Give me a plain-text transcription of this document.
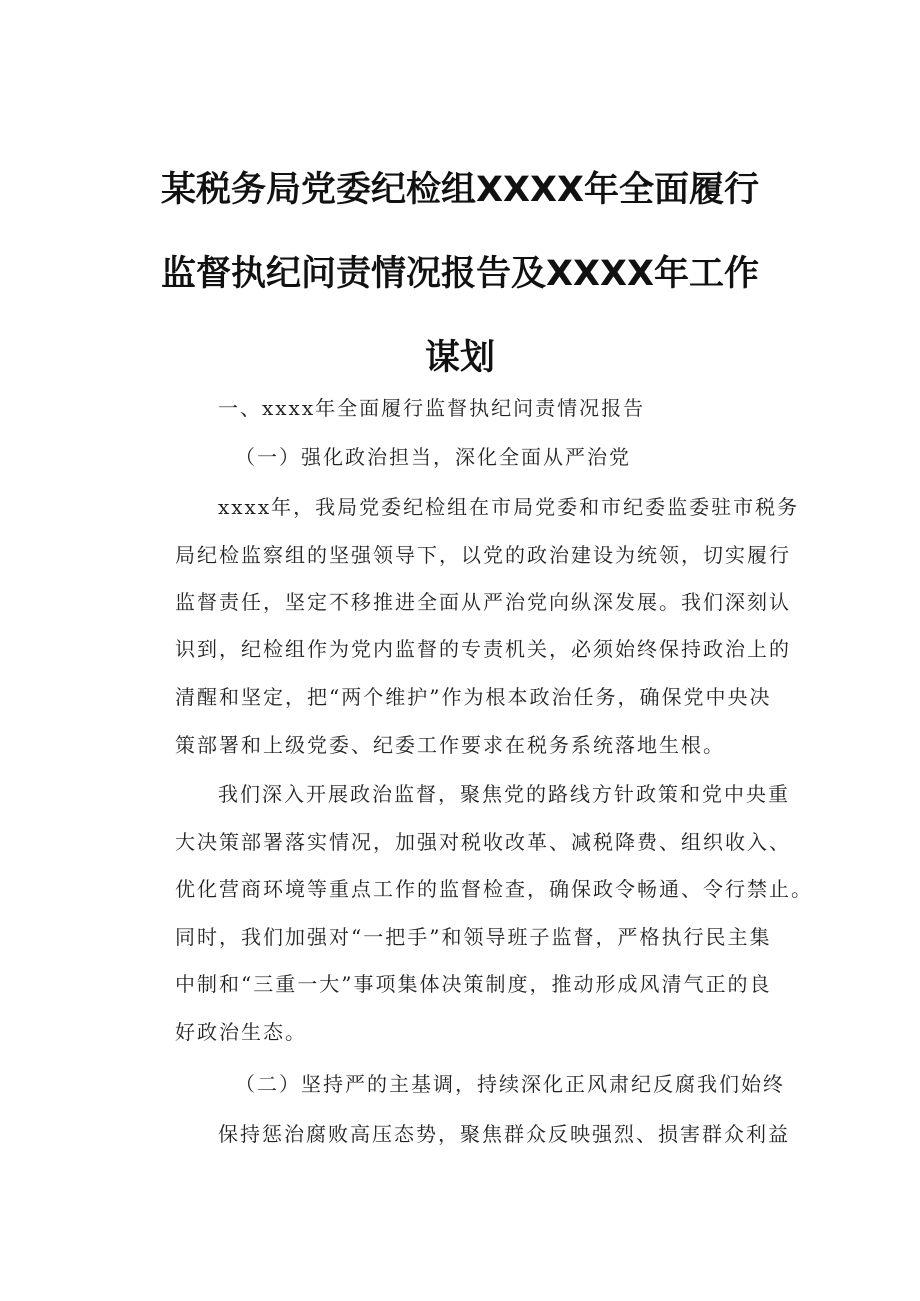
某税务局党委纪检组XXXX年全面履行
监督执纪问责情况报告及XXXX年工作
谋划
一、xxxx年全面履行监督执纪问责情况报告
（一）强化政治担当，深化全面从严治党
xxxx年，我局党委纪检组在市局党委和市纪委监委驻市税务
局纪检监察组的坚强领导下，以党的政治建设为统领，切实履行
监督责任，坚定不移推进全面从严治党向纵深发展。我们深刻认
识到，纪检组作为党内监督的专责机关，必须始终保持政治上的
清醒和坚定，把“两个维护”作为根本政治任务，确保党中央决
策部署和上级党委、纪委工作要求在税务系统落地生根。
我们深入开展政治监督，聚焦党的路线方针政策和党中央重
大决策部署落实情况，加强对税收改革、减税降费、组织收入、
优化营商环境等重点工作的监督检查，确保政令畅通、令行禁止。
同时，我们加强对“一把手”和领导班子监督，严格执行民主集
中制和“三重一大”事项集体决策制度，推动形成风清气正的良
好政治生态。
（二）坚持严的主基调，持续深化正风肃纪反腐我们始终
保持惩治腐败高压态势，聚焦群众反映强烈、损害群众利益
